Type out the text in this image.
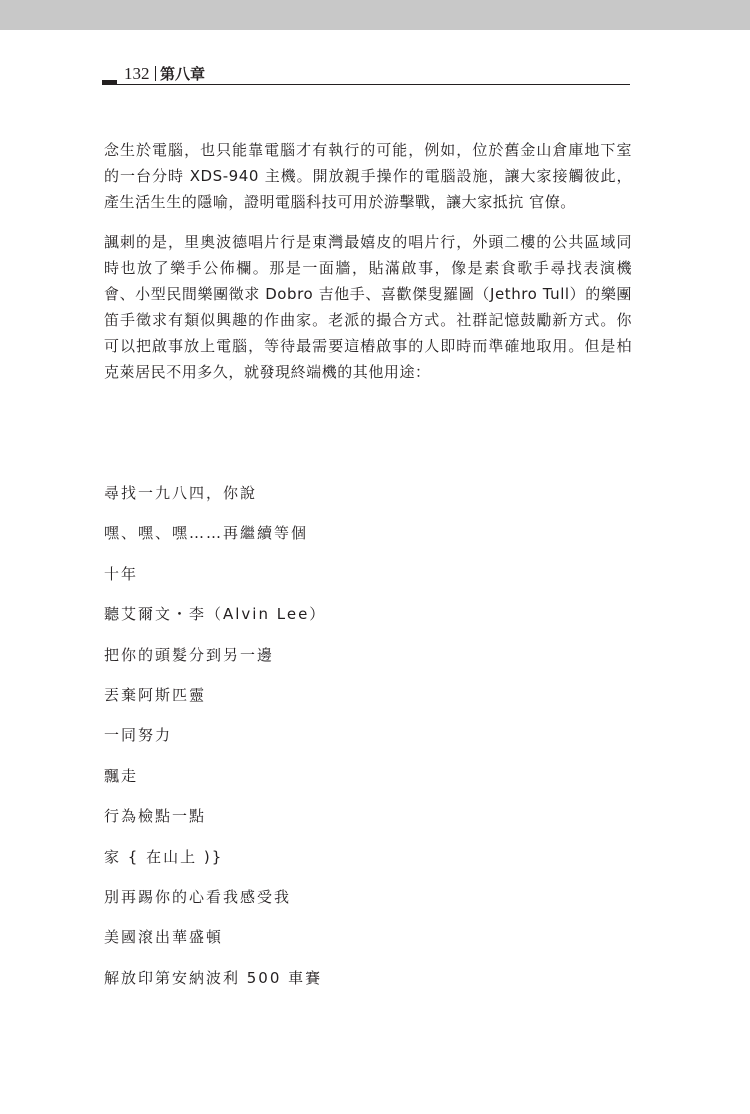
132 第八章

念生於電腦，也只能靠電腦才有執行的可能，例如，位於舊金山倉庫地下室的一台分時 XDS-940 主機。開放親手操作的電腦設施，讓大家接觸彼此，產生活生生的隱喻，證明電腦科技可用於游擊戰，讓大家抵抗 官僚。

諷刺的是，里奧波德唱片行是東灣最嬉皮的唱片行，外頭二樓的公共區域同時也放了樂手公佈欄。那是一面牆，貼滿啟事，像是素食歌手尋找表演機會、小型民間樂團徵求 Dobro 吉他手、喜歡傑叟羅圖（Jethro Tull）的樂團笛手徵求有類似興趣的作曲家。老派的撮合方式。社群記憶鼓勵新方式。你可以把啟事放上電腦，等待最需要這樁啟事的人即時而準確地取用。但是柏克萊居民不用多久，就發現終端機的其他用途：

尋找一九八四，你說
嘿、嘿、嘿……再繼續等個
十年
聽艾爾文・李（Alvin Lee）
把你的頭髮分到另一邊
丟棄阿斯匹靈
一同努力
飄走
行為檢點一點
家 { 在山上 )}
別再踢你的心看我感受我
美國滾出華盛頓
解放印第安納波利 500 車賽
